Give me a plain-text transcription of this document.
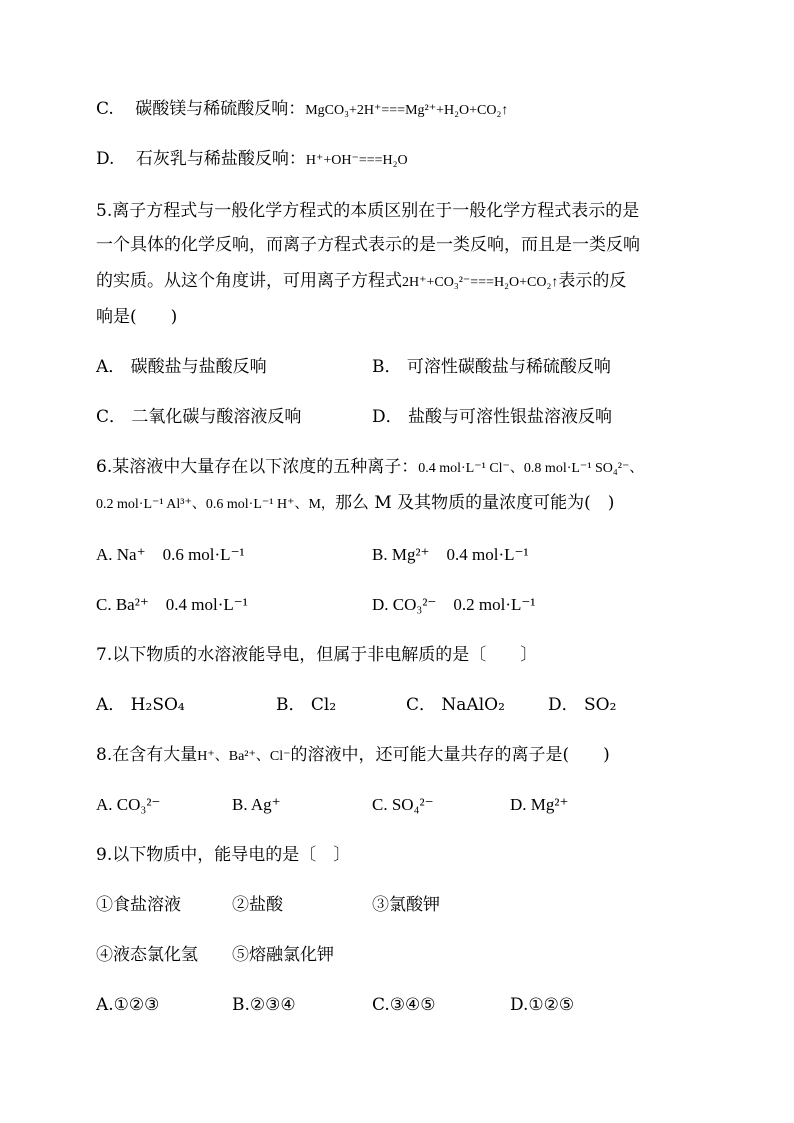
C. 碳酸镁与稀硫酸反响：MgCO₃+2H⁺===Mg²⁺+H₂O+CO₂↑
D. 石灰乳与稀盐酸反响：H⁺+OH⁻===H₂O
5.离子方程式与一般化学方程式的本质区别在于一般化学方程式表示的是
一个具体的化学反响，而离子方程式表示的是一类反响，而且是一类反响
的实质。从这个角度讲，可用离子方程式2H⁺+CO₃²⁻===H₂O+CO₂↑表示的反
响是(　　)
A． 碳酸盐与盐酸反响	B． 可溶性碳酸盐与稀硫酸反响
C． 二氧化碳与酸溶液反响	D． 盐酸与可溶性银盐溶液反响
6.某溶液中大量存在以下浓度的五种离子：0.4 mol·L⁻¹ Cl⁻、0.8 mol·L⁻¹ SO₄²⁻、
0.2 mol·L⁻¹ Al³⁺、0.6 mol·L⁻¹ H⁺、M，那么 M 及其物质的量浓度可能为(　)
A. Na⁺　0.6 mol·L⁻¹	B. Mg²⁺　0.4 mol·L⁻¹
C. Ba²⁺　0.4 mol·L⁻¹	D. CO₃²⁻　0.2 mol·L⁻¹
7.以下物质的水溶液能导电，但属于非电解质的是〔　　〕
A． H₂SO₄	B． Cl₂	C． NaAlO₂	D． SO₂
8.在含有大量H⁺、Ba²⁺、Cl⁻的溶液中，还可能大量共存的离子是(　　)
A. CO₃²⁻	B. Ag⁺	C. SO₄²⁻	D. Mg²⁺
9.以下物质中，能导电的是〔　〕
①食盐溶液	②盐酸	③氯酸钾
④液态氯化氢 ⑤熔融氯化钾
A.①②③	B.②③④	C.③④⑤	D.①②⑤
